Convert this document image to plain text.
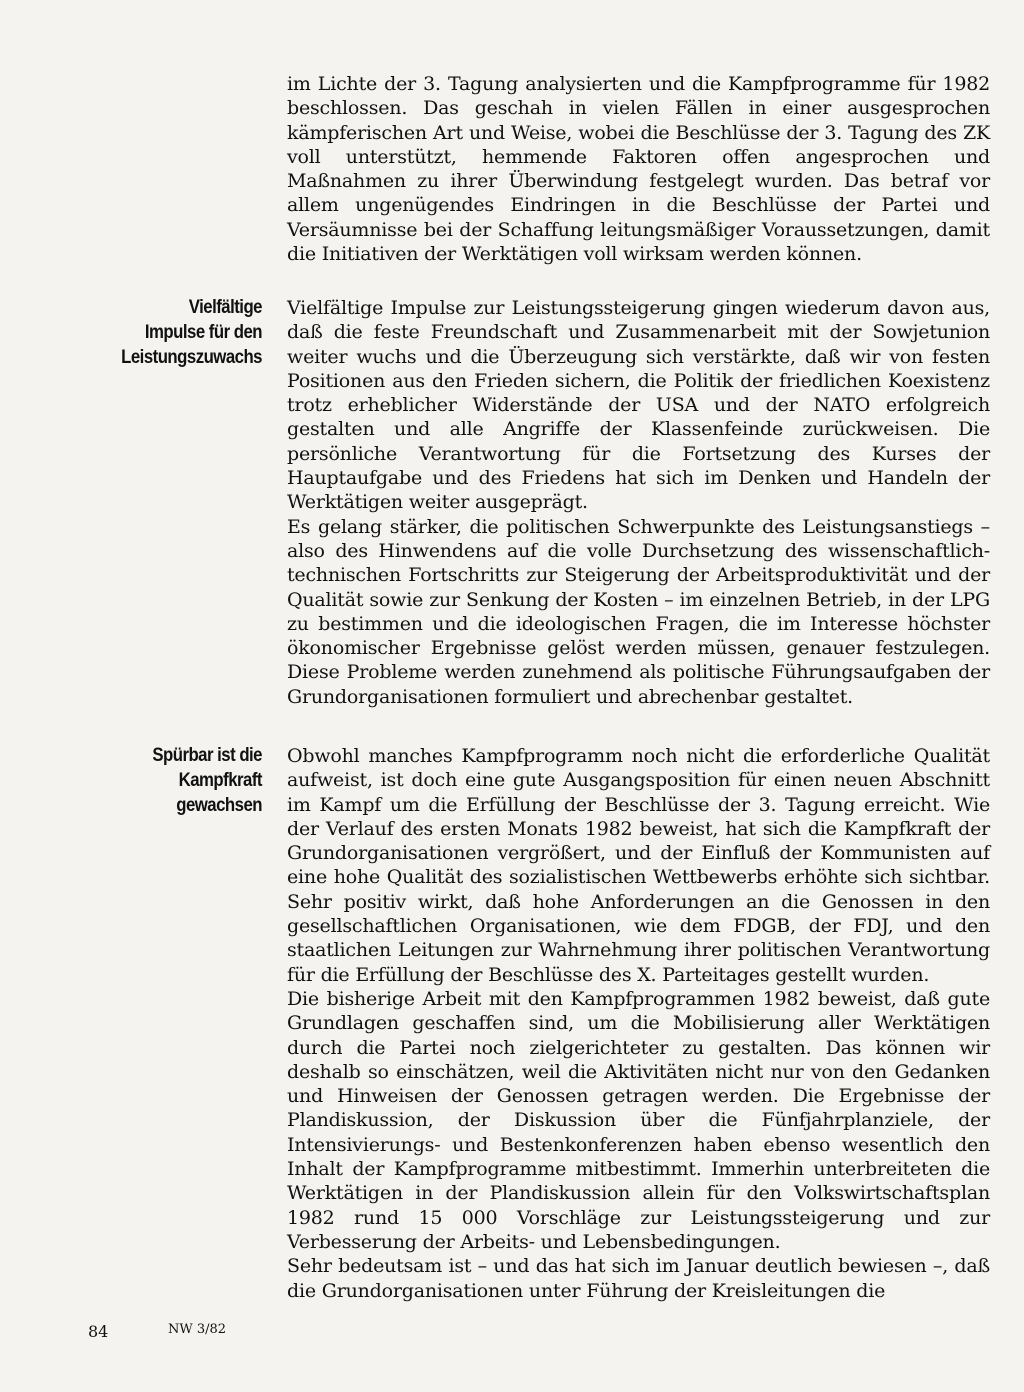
im Lichte der 3. Tagung analysierten und die Kampfprogramme für 1982 beschlossen. Das geschah in vielen Fällen in einer ausgesprochen kämpferischen Art und Weise, wobei die Beschlüsse der 3. Tagung des ZK voll unterstützt, hemmende Faktoren offen angesprochen und Maßnahmen zu ihrer Überwindung festgelegt wurden. Das betraf vor allem ungenügendes Eindringen in die Beschlüsse der Partei und Versäumnisse bei der Schaffung leitungsmäßiger Voraussetzungen, damit die Initiativen der Werktätigen voll wirksam werden können.

Vielfältige
Impulse für den
Leistungszuwachs

Vielfältige Impulse zur Leistungssteigerung gingen wiederum davon aus, daß die feste Freundschaft und Zusammenarbeit mit der Sowjetunion weiter wuchs und die Überzeugung sich verstärkte, daß wir von festen Positionen aus den Frieden sichern, die Politik der friedlichen Koexistenz trotz erheblicher Widerstände der USA und der NATO erfolgreich gestalten und alle Angriffe der Klassenfeinde zurückweisen. Die persönliche Verantwortung für die Fortsetzung des Kurses der Hauptaufgabe und des Friedens hat sich im Denken und Handeln der Werktätigen weiter ausgeprägt.

Es gelang stärker, die politischen Schwerpunkte des Leistungsanstiegs – also des Hinwendens auf die volle Durchsetzung des wissenschaftlich-technischen Fortschritts zur Steigerung der Arbeitsproduktivität und der Qualität sowie zur Senkung der Kosten – im einzelnen Betrieb, in der LPG zu bestimmen und die ideologischen Fragen, die im Interesse höchster ökonomischer Ergebnisse gelöst werden müssen, genauer festzulegen. Diese Probleme werden zunehmend als politische Führungsaufgaben der Grundorganisationen formuliert und abrechenbar gestaltet.

Spürbar ist die
Kampfkraft
gewachsen

Obwohl manches Kampfprogramm noch nicht die erforderliche Qualität aufweist, ist doch eine gute Ausgangsposition für einen neuen Abschnitt im Kampf um die Erfüllung der Beschlüsse der 3. Tagung erreicht. Wie der Verlauf des ersten Monats 1982 beweist, hat sich die Kampfkraft der Grundorganisationen vergrößert, und der Einfluß der Kommunisten auf eine hohe Qualität des sozialistischen Wettbewerbs erhöhte sich sichtbar. Sehr positiv wirkt, daß hohe Anforderungen an die Genossen in den gesellschaftlichen Organisationen, wie dem FDGB, der FDJ, und den staatlichen Leitungen zur Wahrnehmung ihrer politischen Verantwortung für die Erfüllung der Beschlüsse des X. Parteitages gestellt wurden.

Die bisherige Arbeit mit den Kampfprogrammen 1982 beweist, daß gute Grundlagen geschaffen sind, um die Mobilisierung aller Werktätigen durch die Partei noch zielgerichteter zu gestalten. Das können wir deshalb so einschätzen, weil die Aktivitäten nicht nur von den Gedanken und Hinweisen der Genossen getragen werden. Die Ergebnisse der Plandiskussion, der Diskussion über die Fünfjahrplanziele, der Intensivierungs- und Bestenkonferenzen haben ebenso wesentlich den Inhalt der Kampfprogramme mitbestimmt. Immerhin unterbreiteten die Werktätigen in der Plandiskussion allein für den Volkswirtschaftsplan 1982 rund 15 000 Vorschläge zur Leistungssteigerung und zur Verbesserung der Arbeits- und Lebensbedingungen.

Sehr bedeutsam ist – und das hat sich im Januar deutlich bewiesen –, daß die Grundorganisationen unter Führung der Kreisleitungen die

84	NW 3/82
